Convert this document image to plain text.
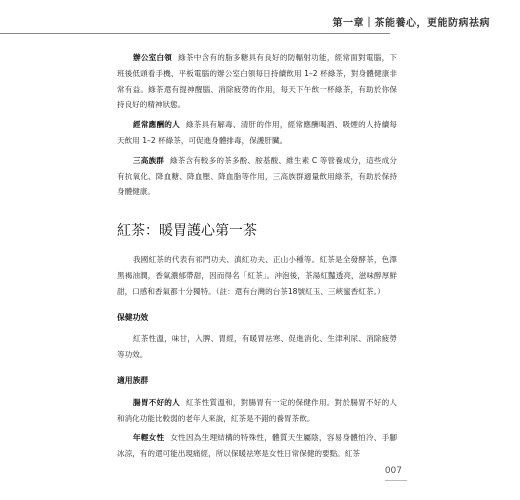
第一章｜茶能養心，更能防病祛病

辦公室白領 綠茶中含有的脂多糖具有良好的防輻射功能，經常面對電腦，下班後低頭看手機、平板電腦的辦公室白領每日持續飲用 1–2 杯綠茶，對身體健康非常有益。綠茶還有提神醒腦、消除疲勞的作用，每天下午飲一杯綠茶，有助於你保持良好的精神狀態。

經常應酬的人 綠茶具有解毒、清肝的作用，經常應酬喝酒、吸煙的人持續每天飲用 1–2 杯綠茶，可促進身體排毒，保護肝臟。

三高族群 綠茶含有較多的茶多酚、胺基酸、維生素 C 等營養成分，這些成分有抗氧化、降血糖、降血壓、降血脂等作用，三高族群適量飲用綠茶，有助於保持身體健康。

紅茶：暖胃護心第一茶

我國紅茶的代表有祁門功夫、滇紅功夫、正山小種等。紅茶是全發酵茶，色澤黑褐油潤，香氣濃郁帶甜，因而得名「紅茶」。沖泡後，茶湯紅豔透亮，滋味醇厚鮮甜，口感和香氣都十分獨特。（註：還有台灣的台茶18號紅玉、三峽蜜香紅茶。）

保健功效

紅茶性溫，味甘，入脾、胃經，有暖胃祛寒、促進消化、生津利尿、消除疲勞等功效。

適用族群

腸胃不好的人 紅茶性質溫和，對腸胃有一定的保健作用。對於腸胃不好的人和消化功能比較弱的老年人來說，紅茶是不錯的養胃茶飲。

年輕女性 女性因為生理結構的特殊性，體質天生屬陰，容易身體怕冷、手腳冰涼，有的還可能出現痛經，所以保暖祛寒是女性日常保健的要點。紅茶

007
